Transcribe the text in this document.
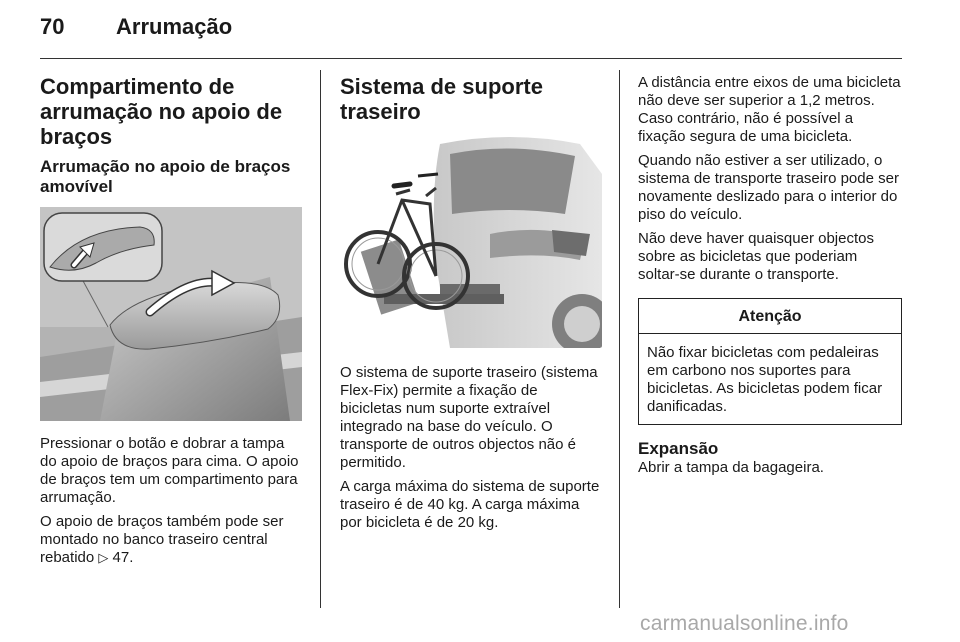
70 Arrumação
Compartimento de arrumação no apoio de braços
Arrumação no apoio de braços amovível

Pressionar o botão e dobrar a tampa do apoio de braços para cima. O apoio de braços tem um compartimento para arrumação.

O apoio de braços também pode ser montado no banco traseiro central rebatido ▷ 47.

Sistema de suporte traseiro

O sistema de suporte traseiro (sistema Flex-Fix) permite a fixação de bicicletas num suporte extraível integrado na base do veículo. O transporte de outros objectos não é permitido.

A carga máxima do sistema de suporte traseiro é de 40 kg. A carga máxima por bicicleta é de 20 kg.

A distância entre eixos de uma bicicleta não deve ser superior a 1,2 metros. Caso contrário, não é possível a fixação segura de uma bicicleta.

Quando não estiver a ser utilizado, o sistema de transporte traseiro pode ser novamente deslizado para o interior do piso do veículo.

Não deve haver quaisquer objectos sobre as bicicletas que poderiam soltar-se durante o transporte.

Atenção

Não fixar bicicletas com pedaleiras em carbono nos suportes para bicicletas. As bicicletas podem ficar danificadas.

Expansão

Abrir a tampa da bagageira.

carmanualsonline.info
